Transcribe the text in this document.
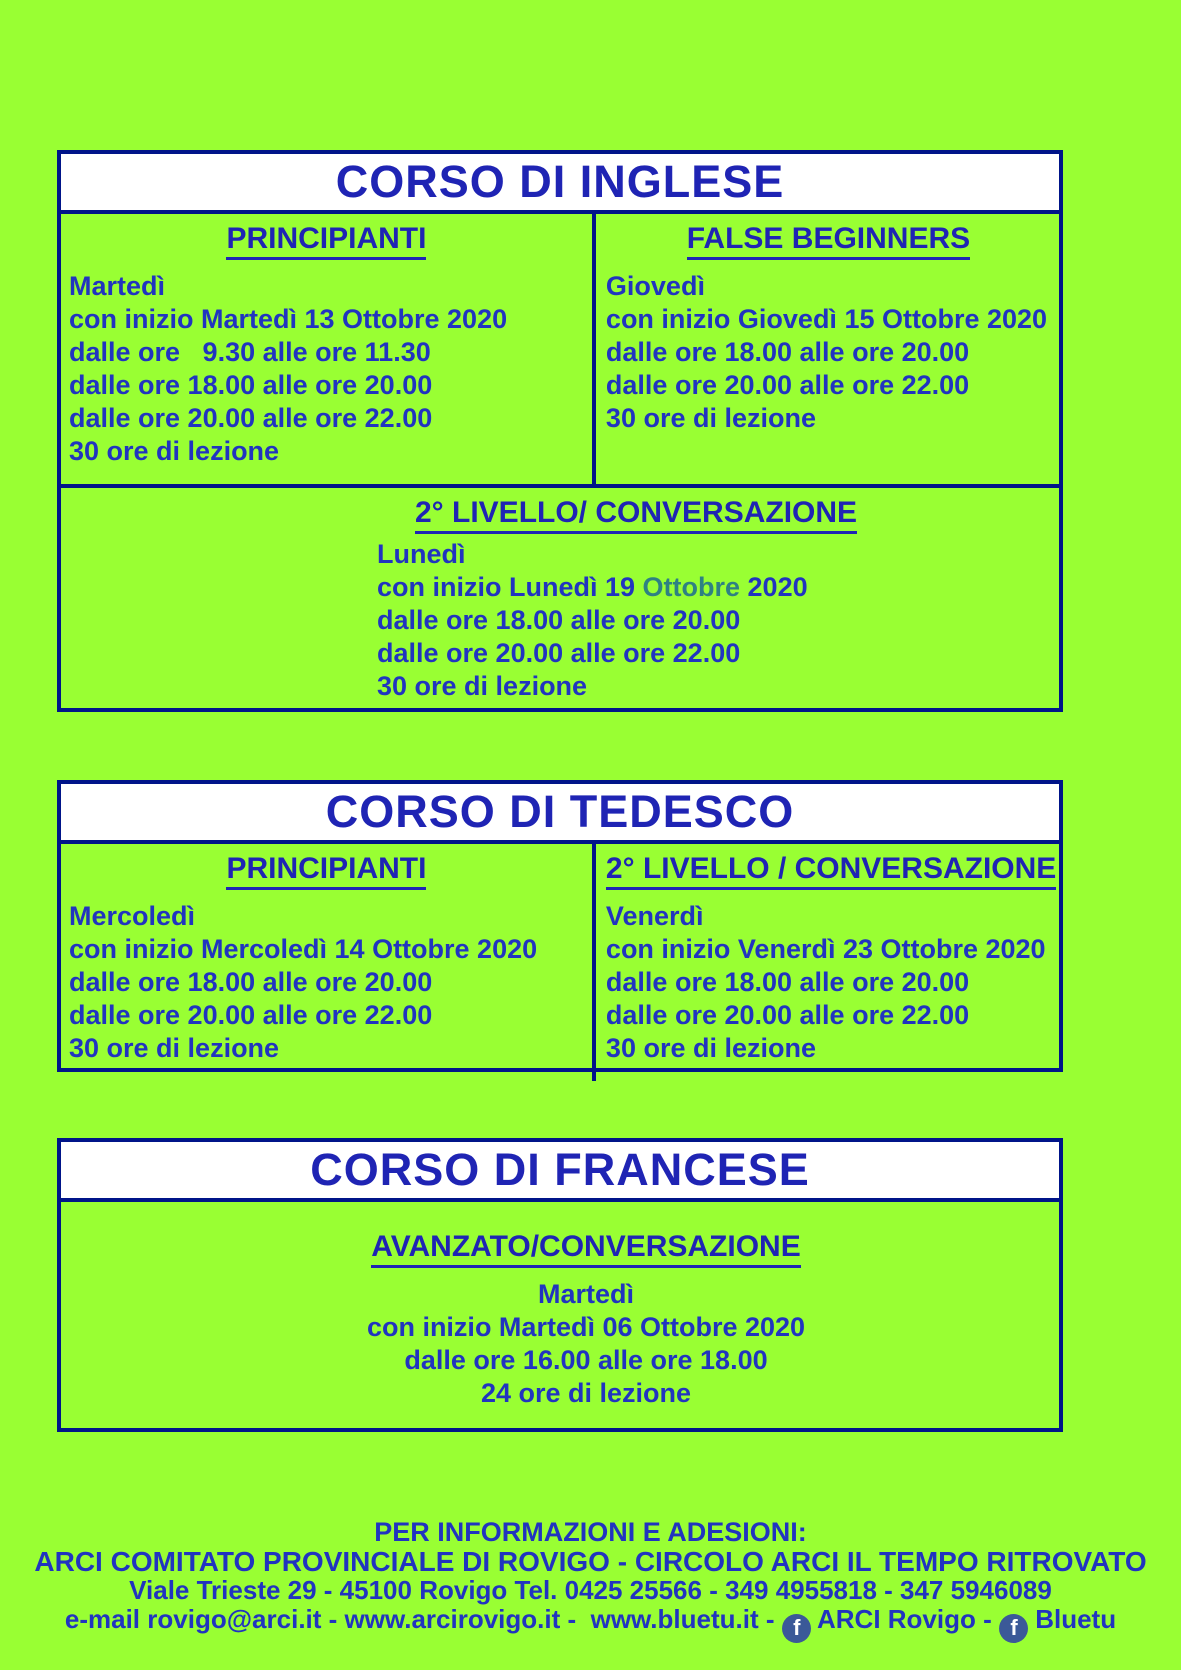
CORSO DI INGLESE
PRINCIPIANTI
Martedì
con inizio Martedì 13 Ottobre 2020
dalle ore   9.30 alle ore 11.30
dalle ore 18.00 alle ore 20.00
dalle ore 20.00 alle ore 22.00
30 ore di lezione
FALSE BEGINNERS
Giovedì
con inizio Giovedì 15 Ottobre 2020
dalle ore 18.00 alle ore 20.00
dalle ore 20.00 alle ore 22.00
30 ore di lezione
2° LIVELLO/ CONVERSAZIONE
Lunedì
con inizio Lunedì 19 Ottobre 2020
dalle ore 18.00 alle ore 20.00
dalle ore 20.00 alle ore 22.00
30 ore di lezione
CORSO DI TEDESCO
PRINCIPIANTI
Mercoledì
con inizio Mercoledì 14 Ottobre 2020
dalle ore 18.00 alle ore 20.00
dalle ore 20.00 alle ore 22.00
30 ore di lezione
2° LIVELLO / CONVERSAZIONE
Venerdì
con inizio Venerdì 23 Ottobre 2020
dalle ore 18.00 alle ore 20.00
dalle ore 20.00 alle ore 22.00
30 ore di lezione
CORSO DI FRANCESE
AVANZATO/CONVERSAZIONE
Martedì
con inizio Martedì 06 Ottobre 2020
dalle ore 16.00 alle ore 18.00
24 ore di lezione
PER INFORMAZIONI E ADESIONI:
ARCI COMITATO PROVINCIALE DI ROVIGO - CIRCOLO ARCI IL TEMPO RITROVATO
Viale Trieste 29 - 45100 Rovigo Tel. 0425 25566 - 349 4955818 - 347 5946089
e-mail rovigo@arci.it - www.arcirovigo.it -  www.bluetu.it - f ARCI Rovigo - f Bluetu
